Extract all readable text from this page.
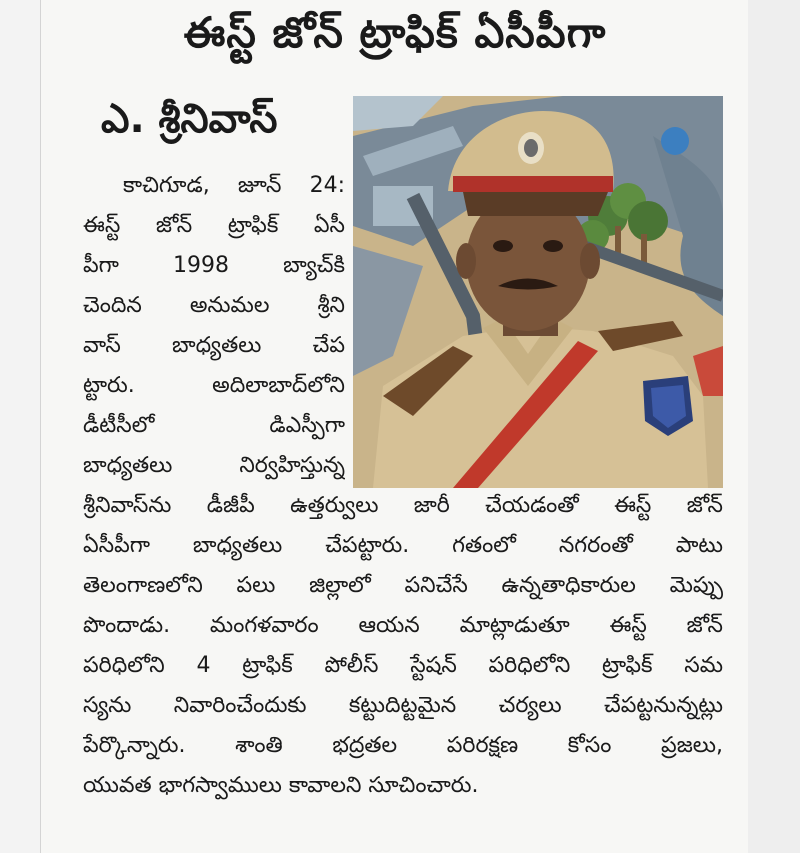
ఈస్ట్ జోన్ ట్రాఫిక్ ఏసీపీగా
ఎ. శ్రీనివాస్
కాచిగూడ, జూన్ 24:
ఈస్ట్ జోన్ ట్రాఫిక్ ఏసీ
పీగా 1998 బ్యాచ్‌కి
చెందిన అనుమల శ్రీని
వాస్ బాధ్యతలు చేప
ట్టారు. అదిలాబాద్‌లోని
డీటీసీలో డిఎస్పీగా
బాధ్యతలు నిర్వహిస్తున్న
శ్రీనివాస్‌ను డీజీపీ ఉత్తర్వులు జారీ చేయడంతో ఈస్ట్ జోన్
ఏసీపీగా బాధ్యతలు చేపట్టారు. గతంలో నగరంతో పాటు
తెలంగాణలోని పలు జిల్లాలో పనిచేసే ఉన్నతాధికారుల మెప్పు
పొందాడు. మంగళవారం ఆయన మాట్లాడుతూ ఈస్ట్ జోన్
పరిధిలోని 4 ట్రాఫిక్ పోలీస్ స్టేషన్ పరిధిలోని ట్రాఫిక్ సమ
స్యను నివారించేందుకు కట్టుదిట్టమైన చర్యలు చేపట్టనున్నట్లు
పేర్కొన్నారు. శాంతి భద్రతల పరిరక్షణ కోసం ప్రజలు,
యువత భాగస్వాములు కావాలని సూచించారు.
